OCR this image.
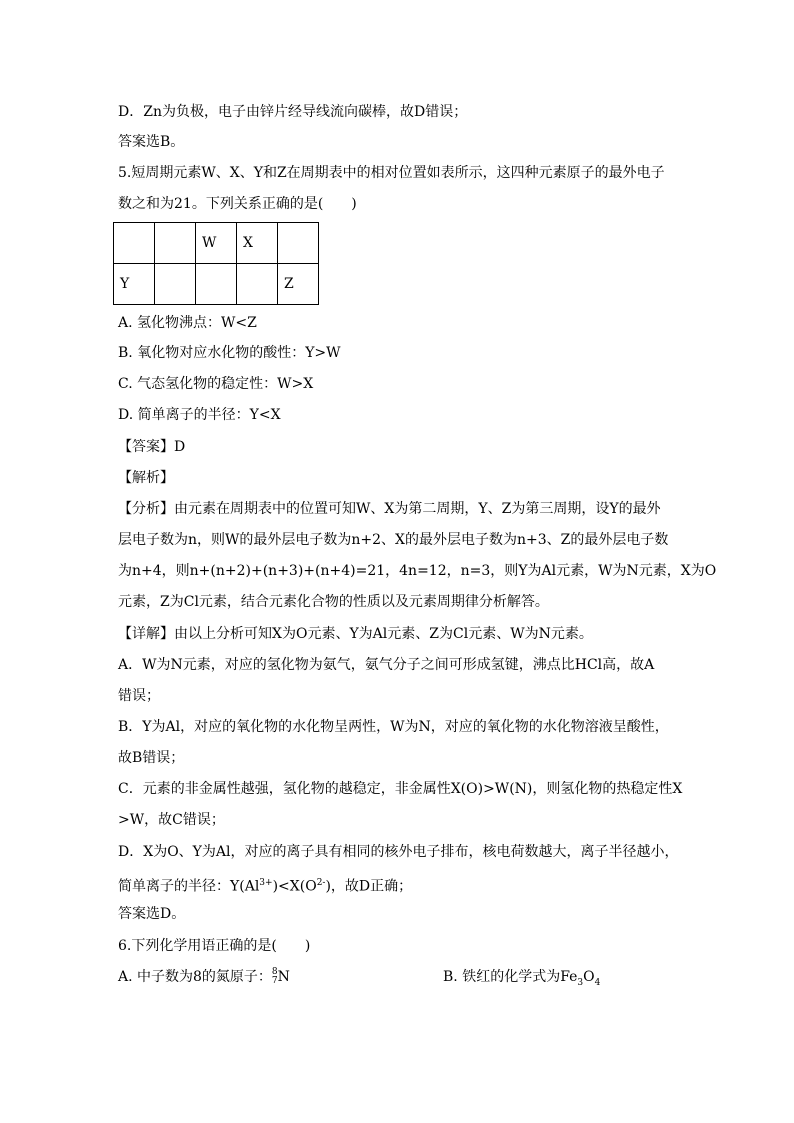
D．Zn为负极，电子由锌片经导线流向碳棒，故D错误；
答案选B。
5.短周期元素W、X、Y和Z在周期表中的相对位置如表所示，这四种元素原子的最外电子
数之和为21。下列关系正确的是(　　)
		W	X	
Y				Z
A. 氢化物沸点：W<Z
B. 氧化物对应水化物的酸性：Y>W
C. 气态氢化物的稳定性：W>X
D. 简单离子的半径：Y<X
【答案】D
【解析】
【分析】由元素在周期表中的位置可知W、X为第二周期，Y、Z为第三周期，设Y的最外
层电子数为n，则W的最外层电子数为n+2、X的最外层电子数为n+3、Z的最外层电子数
为n+4，则n+(n+2)+(n+3)+(n+4)=21，4n=12，n=3，则Y为Al元素，W为N元素，X为O
元素，Z为Cl元素，结合元素化合物的性质以及元素周期律分析解答。
【详解】由以上分析可知X为O元素、Y为Al元素、Z为Cl元素、W为N元素。
A．W为N元素，对应的氢化物为氨气，氨气分子之间可形成氢键，沸点比HCl高，故A
错误；
B．Y为Al，对应的氧化物的水化物呈两性，W为N，对应的氧化物的水化物溶液呈酸性，
故B错误；
C．元素的非金属性越强，氢化物的越稳定，非金属性X(O)>W(N)，则氢化物的热稳定性X
>W，故C错误；
D．X为O、Y为Al，对应的离子具有相同的核外电子排布，核电荷数越大，离子半径越小，
简单离子的半径：$Y(Al^{3+})<X(O^{2-})$，故D正确；
答案选D。
6.下列化学用语正确的是(　　)
A. 中子数为8的氮原子： 8
7 N	B. 铁红的化学式为$Fe_3O_4$
